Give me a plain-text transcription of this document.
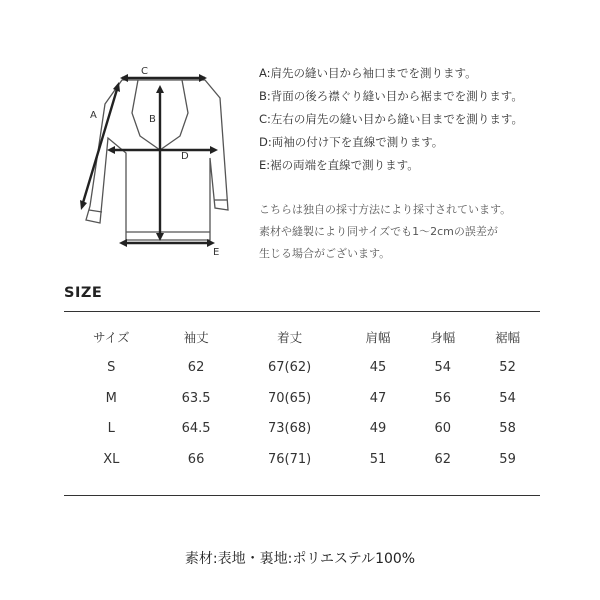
C
A	B
D
E
A:肩先の縫い目から袖口までを測ります。
B:背面の後ろ襟ぐり縫い目から裾までを測ります。
C:左右の肩先の縫い目から縫い目までを測ります。
D:両袖の付け下を直線で測ります。
E:裾の両端を直線で測ります。
こちらは独自の採寸方法により採寸されています。
素材や縫製により同サイズでも1〜2cmの誤差が
生じる場合がございます。
SIZE
サイズ	袖丈	着丈	肩幅	身幅	裾幅
S	62	67(62)	45	54	52
M	63.5	70(65)	47	56	54
L	64.5	73(68)	49	60	58
XL	66	76(71)	51	62	59
素材:表地・裏地:ポリエステル100%
